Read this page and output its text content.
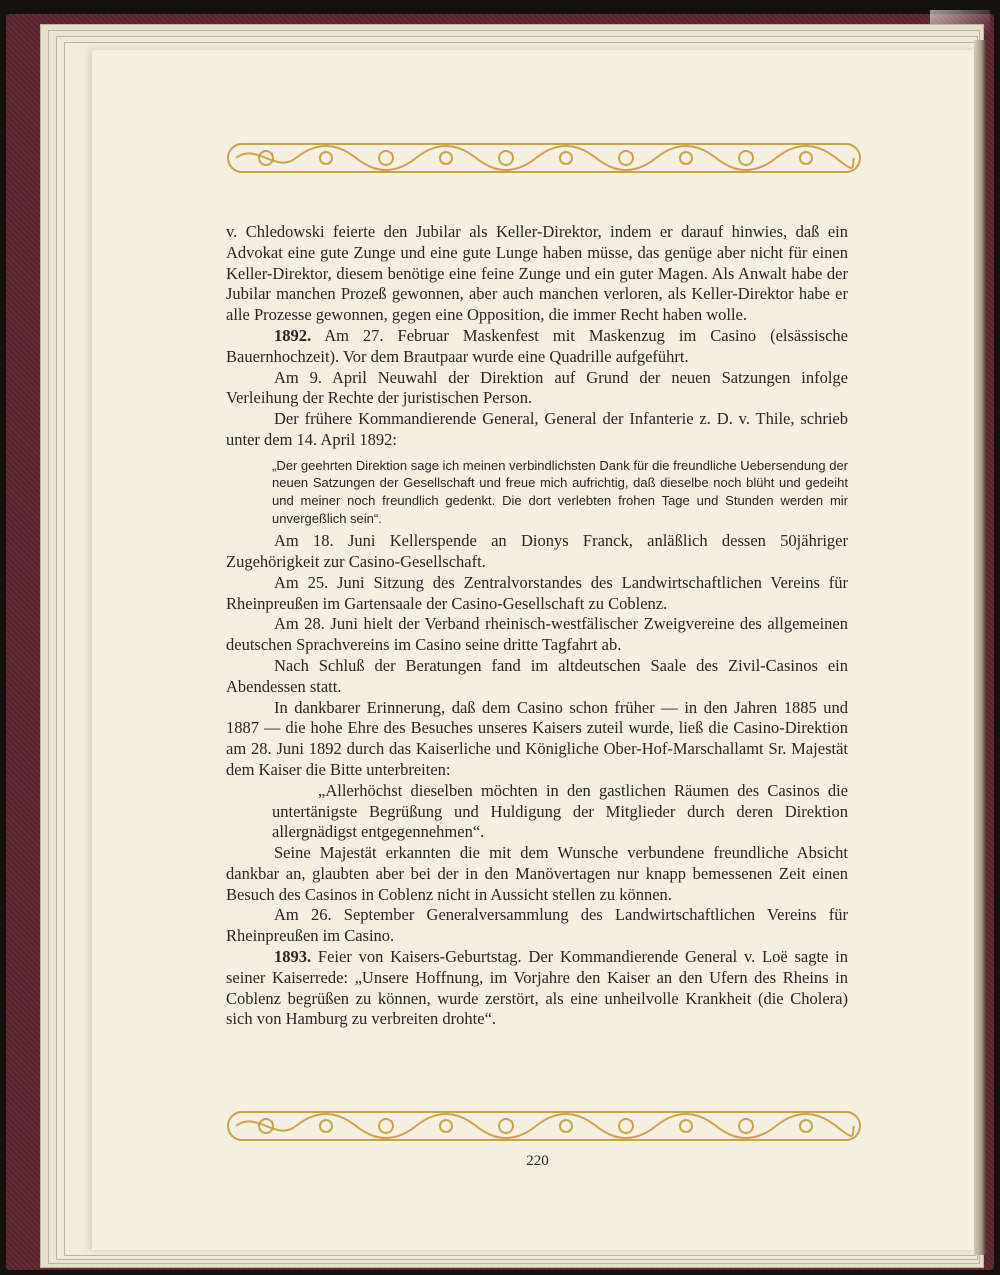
v. Chledowski feierte den Jubilar als Keller-Direktor, indem er darauf hinwies, daß ein Advokat eine gute Zunge und eine gute Lunge haben müsse, das genüge aber nicht für einen Keller-Direktor, diesem benötige eine feine Zunge und ein guter Magen. Als Anwalt habe der Jubilar manchen Prozeß gewonnen, aber auch manchen verloren, als Keller-Direktor habe er alle Prozesse gewonnen, gegen eine Opposition, die immer Recht haben wolle.

1892. Am 27. Februar Maskenfest mit Maskenzug im Casino (elsässische Bauernhochzeit). Vor dem Brautpaar wurde eine Quadrille aufgeführt.

Am 9. April Neuwahl der Direktion auf Grund der neuen Satzungen infolge Verleihung der Rechte der juristischen Person.

Der frühere Kommandierende General, General der Infanterie z. D. v. Thile, schrieb unter dem 14. April 1892:

„Der geehrten Direktion sage ich meinen verbindlichsten Dank für die freundliche Uebersendung der neuen Satzungen der Gesellschaft und freue mich aufrichtig, daß dieselbe noch blüht und gedeiht und meiner noch freundlich gedenkt. Die dort verlebten frohen Tage und Stunden werden mir unvergeßlich sein“.

Am 18. Juni Kellerspende an Dionys Franck, anläßlich dessen 50jähriger Zugehörigkeit zur Casino-Gesellschaft.

Am 25. Juni Sitzung des Zentralvorstandes des Landwirtschaftlichen Vereins für Rheinpreußen im Gartensaale der Casino-Gesellschaft zu Coblenz.

Am 28. Juni hielt der Verband rheinisch-westfälischer Zweigvereine des allgemeinen deutschen Sprachvereins im Casino seine dritte Tagfahrt ab.

Nach Schluß der Beratungen fand im altdeutschen Saale des Zivil-Casinos ein Abendessen statt.

In dankbarer Erinnerung, daß dem Casino schon früher — in den Jahren 1885 und 1887 — die hohe Ehre des Besuches unseres Kaisers zuteil wurde, ließ die Casino-Direktion am 28. Juni 1892 durch das Kaiserliche und Königliche Ober-Hof-Marschallamt Sr. Majestät dem Kaiser die Bitte unterbreiten:

„Allerhöchst dieselben möchten in den gastlichen Räumen des Casinos die untertänigste Begrüßung und Huldigung der Mitglieder durch deren Direktion allergnädigst entgegennehmen“.

Seine Majestät erkannten die mit dem Wunsche verbundene freundliche Absicht dankbar an, glaubten aber bei der in den Manövertagen nur knapp bemessenen Zeit einen Besuch des Casinos in Coblenz nicht in Aussicht stellen zu können.

Am 26. September Generalversammlung des Landwirtschaftlichen Vereins für Rheinpreußen im Casino.

1893. Feier von Kaisers-Geburtstag. Der Kommandierende General v. Loë sagte in seiner Kaiserrede: „Unsere Hoffnung, im Vorjahre den Kaiser an den Ufern des Rheins in Coblenz begrüßen zu können, wurde zerstört, als eine unheilvolle Krankheit (die Cholera) sich von Hamburg zu verbreiten drohte“.

220
